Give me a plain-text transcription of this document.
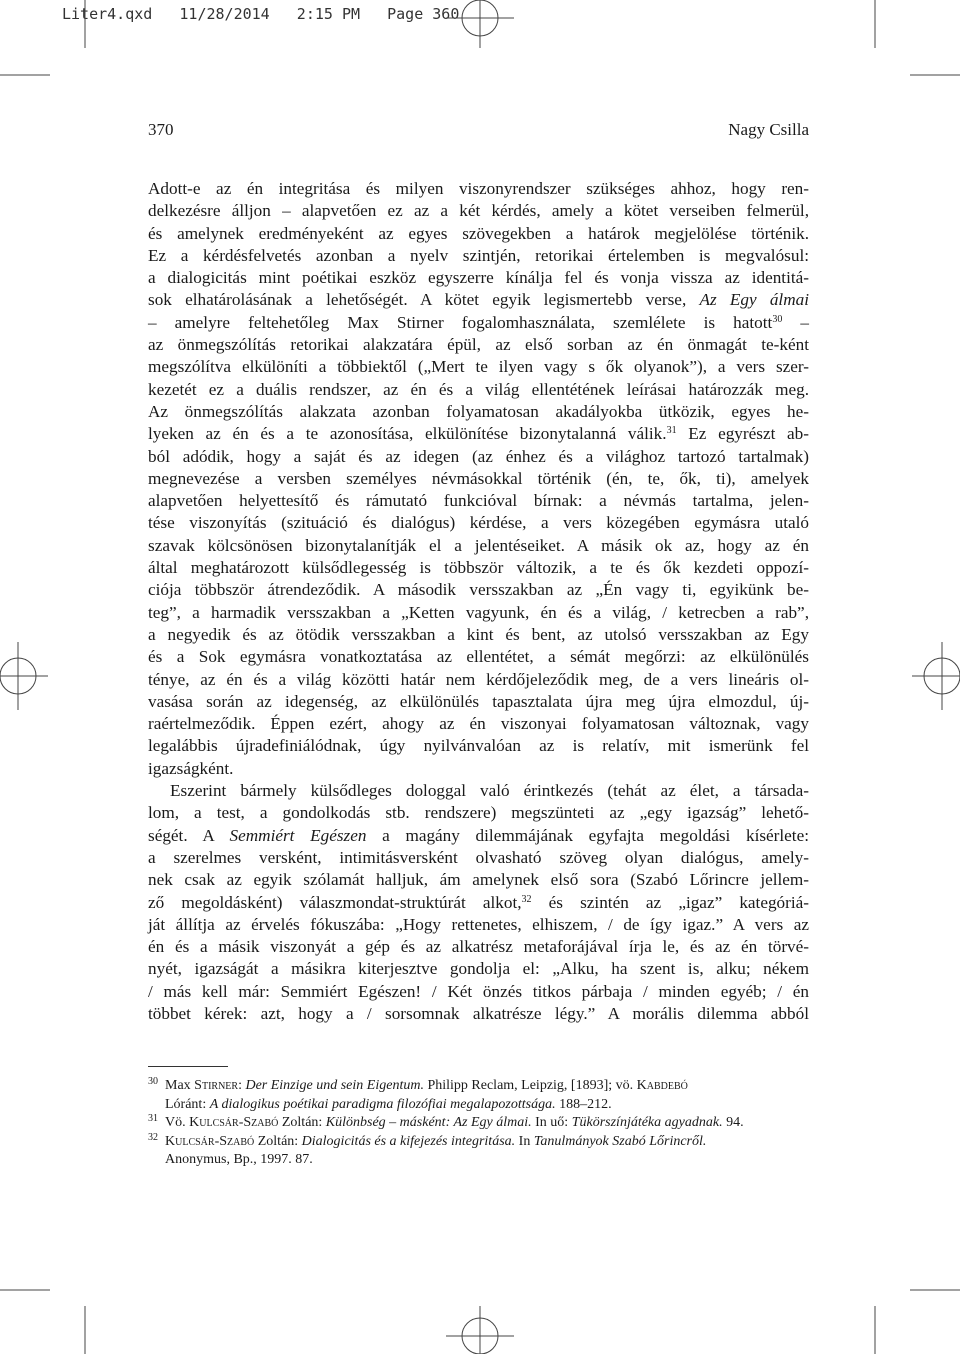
Liter4.qxd   11/28/2014   2:15 PM   Page 360
370	Nagy Csilla

Adott-e az én integritása és milyen viszonyrendszer szükséges ahhoz, hogy ren-
delkezésre álljon – alapvetően ez az a két kérdés, amely a kötet verseiben felmerül,
és amelynek eredményeként az egyes szövegekben a határok megjelölése történik.
Ez a kérdésfelvetés azonban a nyelv szintjén, retorikai értelemben is megvalósul:
a dialogicitás mint poétikai eszköz egyszerre kínálja fel és vonja vissza az identitá-
sok elhatárolásának a lehetőségét. A kötet egyik legismertebb verse, Az Egy álmai
– amelyre feltehetőleg Max Stirner fogalomhasználata, szemlélete is hatott$^{30}$ –
az önmegszólítás retorikai alakzatára épül, az első sorban az én önmagát te-ként
megszólítva elkülöníti a többiektől („Mert te ilyen vagy s ők olyanok”), a vers szer-
kezetét ez a duális rendszer, az én és a világ ellentétének leírásai határozzák meg.
Az önmegszólítás alakzata azonban folyamatosan akadályokba ütközik, egyes he-
lyeken az én és a te azonosítása, elkülönítése bizonytalanná válik.$^{31}$ Ez egyrészt ab-
ból adódik, hogy a saját és az idegen (az énhez és a világhoz tartozó tartalmak)
megnevezése a versben személyes névmásokkal történik (én, te, ők, ti), amelyek
alapvetően helyettesítő és rámutató funkcióval bírnak: a névmás tartalma, jelen-
tése viszonyítás (szituáció és dialógus) kérdése, a vers közegében egymásra utaló
szavak kölcsönösen bizonytalanítják el a jelentéseiket. A másik ok az, hogy az én
által meghatározott külsődlegesség is többször változik, a te és ők kezdeti oppozí-
ciója többször átrendeződik. A második versszakban az „Én vagy ti, egyikünk be-
teg”, a harmadik versszakban a „Ketten vagyunk, én és a világ, / ketrecben a rab”,
a negyedik és az ötödik versszakban a kint és bent, az utolsó versszakban az Egy
és a Sok egymásra vonatkoztatása az ellentétet, a sémát megőrzi: az elkülönülés
ténye, az én és a világ közötti határ nem kérdőjeleződik meg, de a vers lineáris ol-
vasása során az idegenség, az elkülönülés tapasztalata újra meg újra elmozdul, új-
raértelmeződik. Éppen ezért, ahogy az én viszonyai folyamatosan változnak, vagy
legalábbis újradefiniálódnak, úgy nyilvánvalóan az is relatív, mit ismerünk fel
igazságként.

Eszerint bármely külsődleges dologgal való érintkezés (tehát az élet, a társada-
lom, a test, a gondolkodás stb. rendszere) megszünteti az „egy igazság” lehető-
ségét. A Semmiért Egészen a magány dilemmájának egyfajta megoldási kísérlete:
a szerelmes versként, intimitásversként olvasható szöveg olyan dialógus, amely-
nek csak az egyik szólamát halljuk, ám amelynek első sora (Szabó Lőrincre jellem-
ző megoldásként) válaszmondat-struktúrát alkot,$^{32}$ és szintén az „igaz” kategóriá-
ját állítja az érvelés fókuszába: „Hogy rettenetes, elhiszem, / de így igaz.” A vers az
én és a másik viszonyát a gép és az alkatrész metaforájával írja le, és az én törvé-
nyét, igazságát a másikra kiterjesztve gondolja el: „Alku, ha szent is, alku; nékem
/ más kell már: Semmiért Egészen! / Két önzés titkos párbaja / minden egyéb; / én
többet kérek: azt, hogy a / sorsomnak alkatrésze légy.” A morális dilemma abból

30 Max Stirner: Der Einzige und sein Eigentum. Philipp Reclam, Leipzig, [1893]; vö. Kabdebó
Lóránt: A dialogikus poétikai paradigma filozófiai megalapozottsága. 188–212.
31 Vö. Kulcsár-Szabó Zoltán: Különbség – másként: Az Egy álmai. In uő: Tükörszínjátéka agyadnak. 94.
32 Kulcsár-Szabó Zoltán: Dialogicitás és a kifejezés integritása. In Tanulmányok Szabó Lőrincről.
Anonymus, Bp., 1997. 87.
